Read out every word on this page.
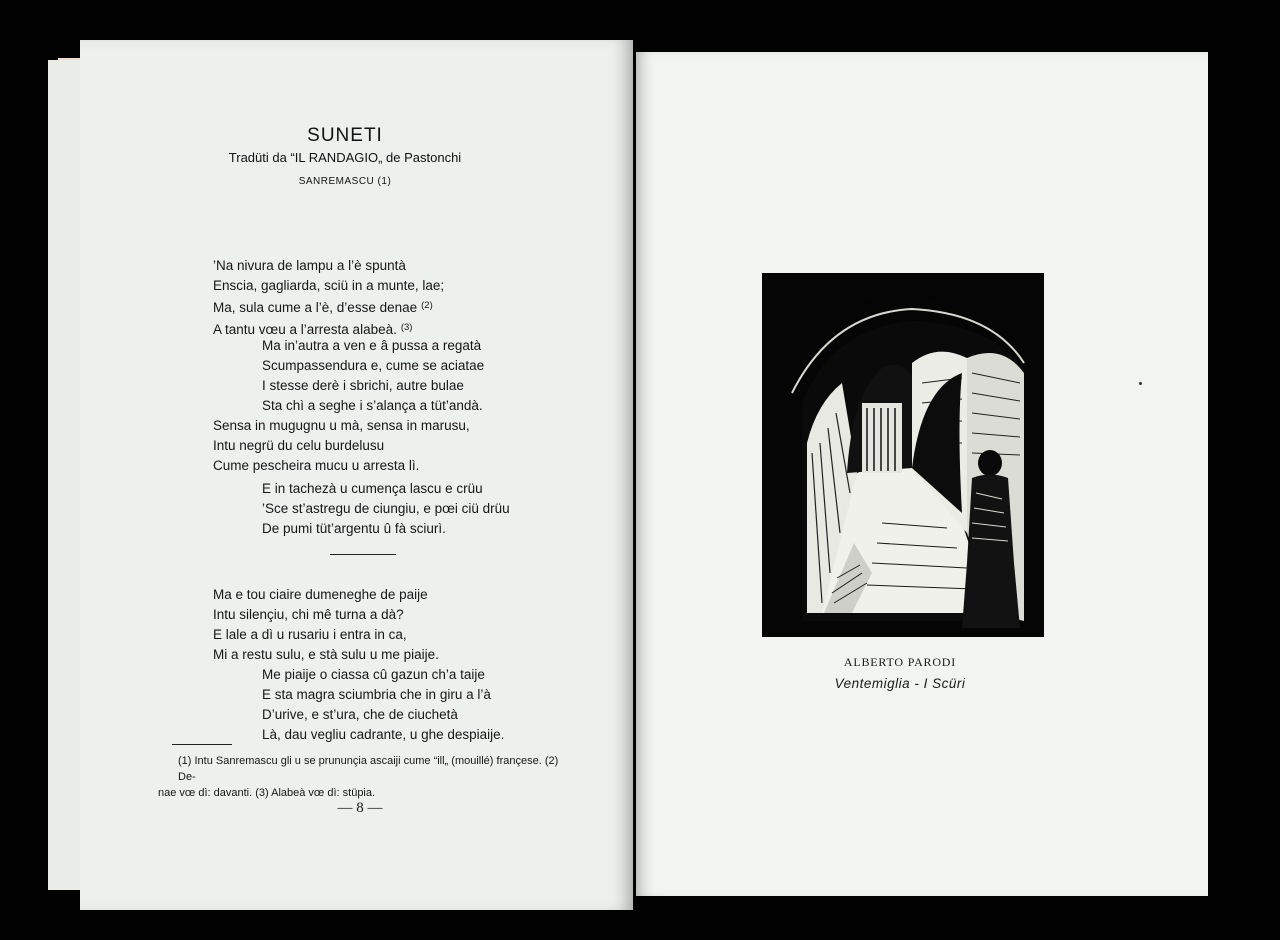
SUNETI
Tradüti da “IL RANDAGIO„ de Pastonchi
SANREMASCU (1)
’Na nivura de lampu a l’è spuntà
Enscia, gagliarda, sciü in a munte, lae;
Ma, sula cume a l’è, d’esse denae $^{(2)}$
A tantu vœu a l’arresta alabeà. $^{(3)}$
Ma in’autra a ven e â pussa a regatà
Scumpassendura e, cume se aciatae
I stesse derè i sbrichi, autre bulae
Sta chì a seghe i s’alança a tüt’andà.
Sensa in mugugnu u mà, sensa in marusu,
Intu negrü du celu burdelusu
Cume pescheira mucu u arresta lì.
E in tachezà u cumença lascu e crüu
’Sce st’astregu de ciungiu, e pœi ciü drüu
De pumi tüt’argentu û fà sciurì.
Ma e tou ciaire dumeneghe de paije
Intu silençiu, chi mê turna a dà?
E lale a dì u rusariu i entra in ca,
Mi a restu sulu, e stà sulu u me piaije.
Me piaije o ciassa cû gazun ch’a taije
E sta magra sciumbria che in giru a l’à
D’urive, e st’ura, che de ciuchetà
Là, dau vegliu cadrante, u ghe despiaije.
(1) Intu Sanremascu gli u se prununçia ascaiji cume “ill„ (mouillé) françese. (2) De-
nae vœ dì: davanti. (3) Alabeà vœ dì: stüpia.
— 8 —
ALBERTO PARODI
Ventemiglia - I Scüri
